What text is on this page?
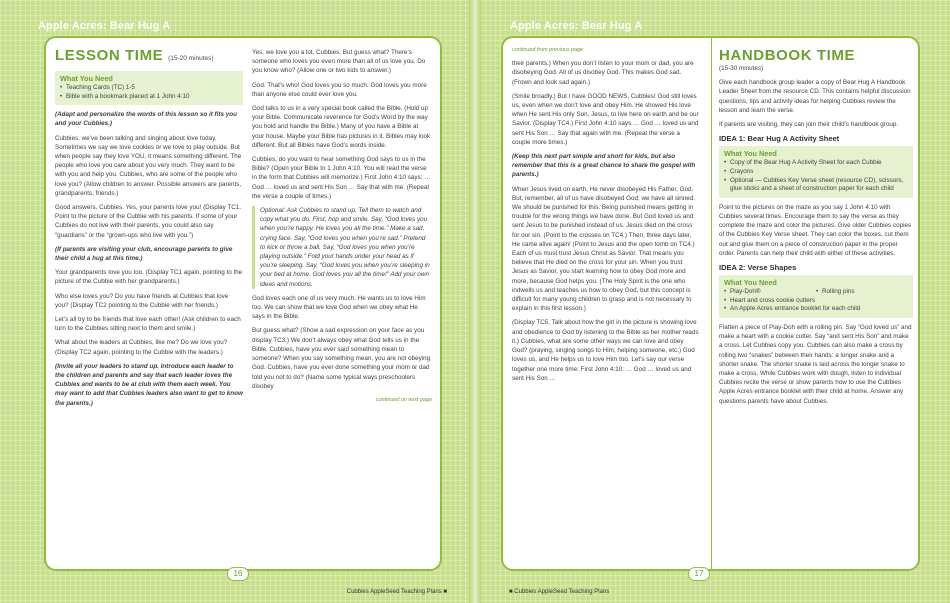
Apple Acres: Bear Hug A
LESSON TIME (15-20 minutes)
What You Need
• Teaching Cards (TC) 1-5
• Bible with a bookmark placed at 1 John 4:10

(Adapt and personalize the words of this lesson so it fits you and your Cubbies.)

Cubbies, we’ve been talking and singing about love today. Sometimes we say we love cookies or we love to play outside. But when people say they love YOU, it means something different. The people who love you care about you very much. They want to be with you and help you. Cubbies, who are some of the people who love you? (Allow children to answer. Possible answers are parents, grandparents, friends.)

Good answers, Cubbies. Yes, your parents love you! (Display TC1. Point to the picture of the Cubbie with his parents. If some of your Cubbies do not live with their parents, you could also say “guardians” or the “grown-ups who live with you.”)

(If parents are visiting your club, encourage parents to give their child a hug at this time.)

Your grandparents love you too. (Display TC1 again, pointing to the picture of the Cubbie with her grandparents.)

Who else loves you? Do you have friends at Cubbies that love you? (Display TC2 pointing to the Cubbie with her friends.)

Let’s all try to be friends that love each other! (Ask children to each turn to the Cubbies sitting next to them and smile.)

What about the leaders at Cubbies, like me? Do we love you? (Display TC2 again, pointing to the Cubbie with the leaders.)

(Invite all your leaders to stand up. Introduce each leader to the children and parents and say that each leader loves the Cubbies and wants to be at club with them each week. You may want to add that Cubbies leaders also want to get to know the parents.)

Yes, we love you a lot, Cubbies. But guess what? There’s someone who loves you even more than all of us love you. Do you know who? (Allow one or two kids to answer.)

God. That’s who! God loves you so much. God loves you more than anyone else could ever love you.

God talks to us in a very special book called the Bible. (Hold up your Bible. Communicate reverence for God’s Word by the way you hold and handle the Bible.) Many of you have a Bible at your house. Maybe your Bible has pictures in it. Bibles may look different. But all Bibles have God’s words inside.

Cubbies, do you want to hear something God says to us in the Bible? (Open your Bible to 1 John 4:10. You will read the verse in the form that Cubbies will memorize.) First John 4:10 says: … God … loved us and sent His Son … Say that with me. (Repeat the verse a couple of times.)

Optional: Ask Cubbies to stand up. Tell them to watch and copy what you do. First, hop and smile. Say, “God loves you when you’re happy. He loves you all the time.” Make a sad, crying face. Say, “God loves you when you’re sad.” Pretend to kick or throw a ball. Say, “God loves you when you’re playing outside.” Fold your hands under your head as if you’re sleeping. Say, “God loves you when you’re sleeping in your bed at home. God loves you all the time!” Add your own ideas and motions.

God loves each one of us very much. He wants us to love Him too. We can show that we love God when we obey what He says in the Bible.

But guess what? (Show a sad expression on your face as you display TC3.) We don’t always obey what God tells us in the Bible. Cubbies, have you ever said something mean to someone? When you say something mean, you are not obeying God. Cubbies, have you ever done something your mom or dad told you not to do? (Name some typical ways preschoolers disobey

continued on next page
16
Cubbies AppleSeed Teaching Plans ■
Apple Acres: Bear Hug A
continued from previous page

their parents.) When you don’t listen to your mom or dad, you are disobeying God. All of us disobey God. This makes God sad. (Frown and look sad again.)

(Smile broadly.) But I have GOOD NEWS, Cubbies! God still loves us, even when we don’t love and obey Him. He showed His love when He sent His only Son, Jesus, to live here on earth and be our Savior. (Display TC4.) First John 4:10 says … God … loved us and sent His Son … Say that again with me. (Repeat the verse a couple more times.)

(Keep this next part simple and short for kids, but also remember that this is a great chance to share the gospel with parents.)

When Jesus lived on earth, He never disobeyed His Father, God. But, remember, all of us have disobeyed God; we have all sinned. We should be punished for this. Being punished means getting in trouble for the wrong things we have done. But God loved us and sent Jesus to be punished instead of us. Jesus died on the cross for our sin. (Point to the crosses on TC4.) Then, three days later, He came alive again! (Point to Jesus and the open tomb on TC4.) Each of us must trust Jesus Christ as Savior. That means you believe that He died on the cross for your sin. When you trust Jesus as Savior, you start learning how to obey God more and more, because God helps you. (The Holy Spirit is the one who indwells us and teaches us how to obey God, but this concept is difficult for many young children to grasp and is not necessary to explain in this first lesson.)

(Display TC5. Talk about how the girl in the picture is showing love and obedience to God by listening to the Bible as her mother reads it.) Cubbies, what are some other ways we can love and obey God? (praying, singing songs to Him, helping someone, etc.) God loves us, and He helps us to love Him too. Let’s say our verse together one more time: First John 4:10: … God … loved us and sent His Son …

HANDBOOK TIME

(15-30 minutes)

Give each handbook group leader a copy of Bear Hug A Handbook Leader Sheet from the resource CD. This contains helpful discussion questions, tips and activity ideas for helping Cubbies review the lesson and learn the verse.

If parents are visiting, they can join their child’s handbook group.

IDEA 1: Bear Hug A Activity Sheet
What You Need
• Copy of the Bear Hug A Activity Sheet for each Cubbie
• Crayons
• Optional — Cubbies Key Verse sheet (resource CD), scissors, glue sticks and a sheet of construction paper for each child

Point to the pictures on the maze as you say 1 John 4:10 with Cubbies several times. Encourage them to say the verse as they complete the maze and color the pictures. Give older Cubbies copies of the Cubbies Key Verse sheet. They can color the boxes, cut them out and glue them on a piece of construction paper in the proper order. Parents can help their child with either of these activities.

IDEA 2: Verse Shapes
What You Need
• Play-Doh®
•	Rolling pins
• Heart and cross cookie cutters
• An Apple Acres entrance booklet for each child

Flatten a piece of Play-Doh with a rolling pin. Say “God loved us” and make a heart with a cookie cutter. Say “and sent His Son” and make a cross. Let Cubbies copy you. Cubbies can also make a cross by rolling two “snakes” between their hands: a longer snake and a shorter snake. The shorter snake is laid across the longer snake to make a cross. While Cubbies work with dough, listen to individual Cubbies recite the verse or show parents how to use the Cubbies Apple Acres entrance booklet with their child at home. Answer any questions parents have about Cubbies.

17
■ Cubbies AppleSeed Teaching Plans
